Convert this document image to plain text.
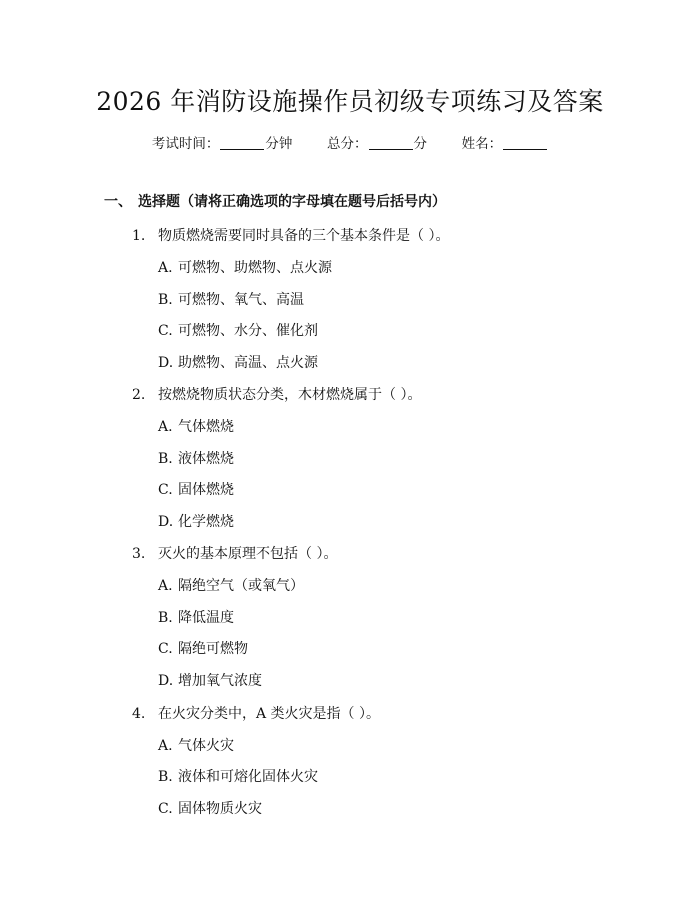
2026 年消防设施操作员初级专项练习及答案
考试时间：	分钟	总分：	分	姓名：
一、 选择题（请将正确选项的字母填在题号后括号内）
1. 物质燃烧需要同时具备的三个基本条件是（ ）。
A. 可燃物、助燃物、点火源
B. 可燃物、氧气、高温
C. 可燃物、水分、催化剂
D. 助燃物、高温、点火源
2. 按燃烧物质状态分类，木材燃烧属于（ ）。
A. 气体燃烧
B. 液体燃烧
C. 固体燃烧
D. 化学燃烧
3. 灭火的基本原理不包括（ ）。
A. 隔绝空气（或氧气）
B. 降低温度
C. 隔绝可燃物
D. 增加氧气浓度
4. 在火灾分类中，A 类火灾是指（ ）。
A. 气体火灾
B. 液体和可熔化固体火灾
C. 固体物质火灾
